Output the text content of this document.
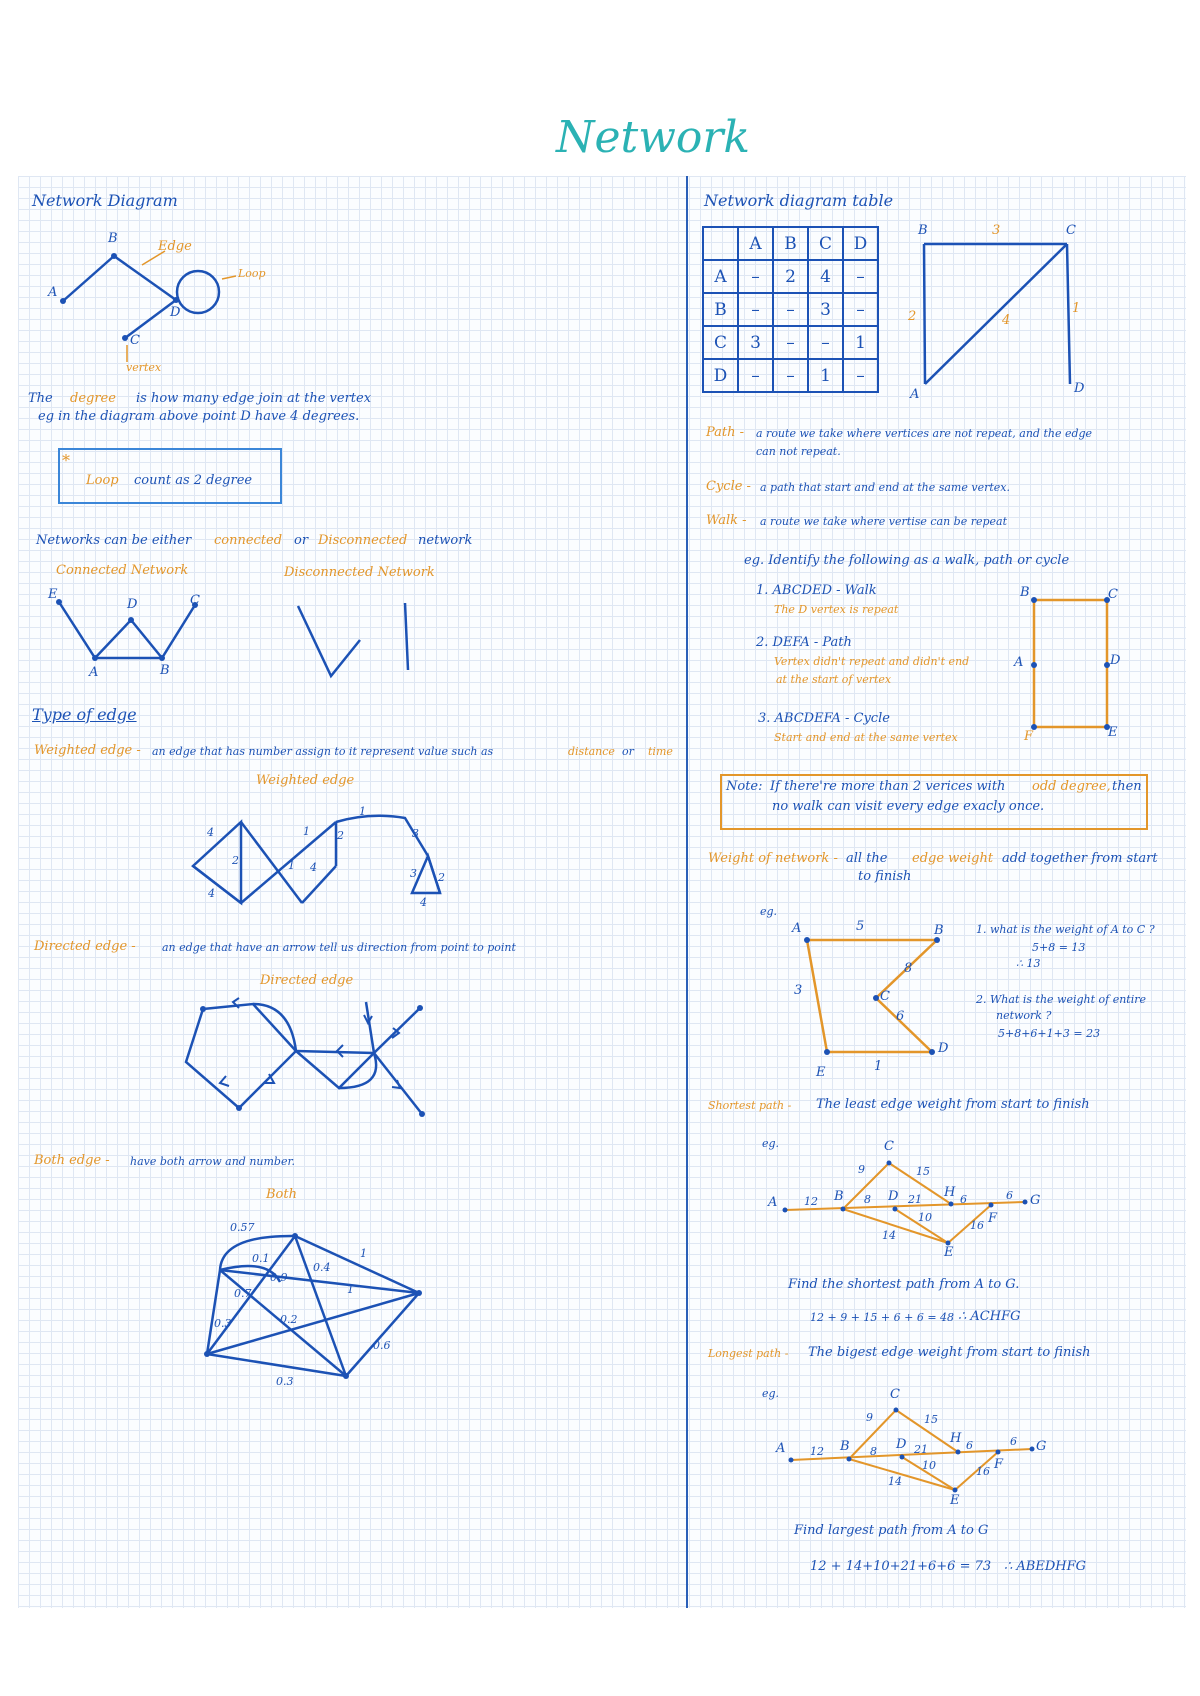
Network
Network Diagram
B
Edge
Loop
A
D
C
vertex
The degree is how many edge join at the vertex
eg in the diagram above point D have 4 degrees.
*
Loop count as 2 degree
Networks can be either connected or Disconnected network
Connected Network	Disconnected Network
E
D	C
A	B
Type of edge
Weighted edge - an edge that has number assign to it represent value such as	distance or time
Weighted edge
4
2
4
1
1
4
2
1
3
3 2
4
Directed edge - an edge that have an arrow tell us direction from point to point
Directed edge
Both edge - have both arrow and number.
Both
0.57
0.1
0.9
0.7
0.4
1
1
0.3	0.2
0.6
0.3
Network diagram table
	A	B	C	D
A	–	2	4	–
B	–	–	3	–
C	3	–	–	1
D	–	–	1	–
B	3	C
2	4
1
A	D
Path - a route we take where vertices are not repeat, and the edge
can not repeat.
Cycle - a path that start and end at the same vertex.
Walk - a route we take where vertise can be repeat
eg. Identify the following as a walk, path or cycle
1. ABCDED - Walk
The D vertex is repeat
2. DEFA - Path
Vertex didn't repeat and didn't end
at the start of vertex
3. ABCDEFA - Cycle
Start and end at the same vertex
B	C
A	D
F	E
Note: If there're more than 2 verices with odd degree, then
no walk can visit every edge exacly once.
Weight of network - all the edge weight add together from start
to finish
eg.
A	5	B
8
C
6
D
3
1
E
1. what is the weight of A to C ?
5+8 = 13
∴ 13
2. What is the weight of entire
network ?
5+8+6+1+3 = 23
Shortest path - The least edge weight from start to finish
eg.
A	B
C
D	H
F
G
E
12
9
8
15
21	6
10
16
14
6
Find the shortest path from A to G.
12 + 9 + 15 + 6 + 6 = 48 ∴ ACHFG
Longest path - The bigest edge weight from start to finish
eg.
A	B
C
D	H
F
G
E
12
9
8
15
21	6
10	16
14
6
Find largest path from A to G
12 + 14+10+21+6+6 = 73 ∴ ABEDHFG
